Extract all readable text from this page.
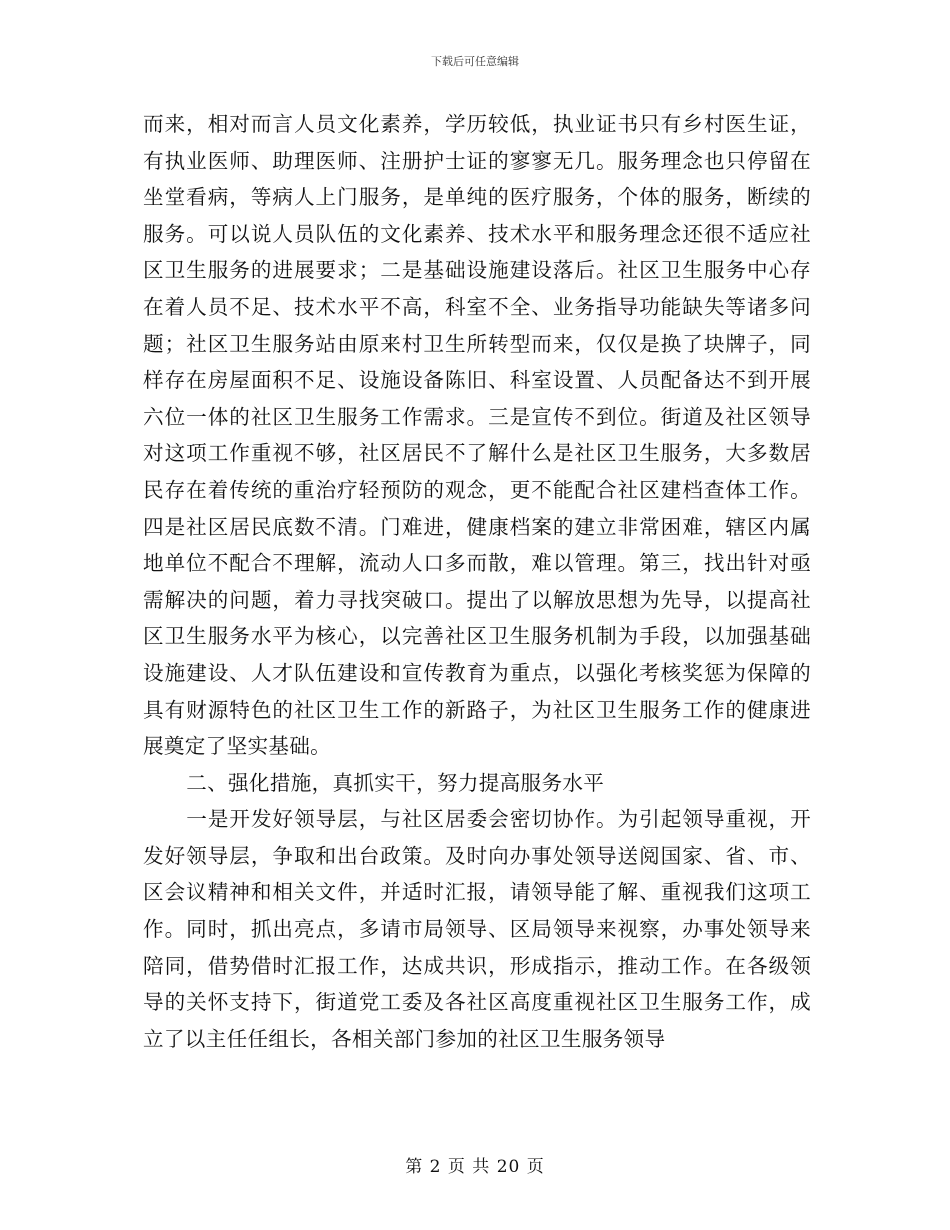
下载后可任意编辑

而来，相对而言人员文化素养，学历较低，执业证书只有乡村医生证，有执业医师、助理医师、注册护士证的寥寥无几。服务理念也只停留在坐堂看病，等病人上门服务，是单纯的医疗服务，个体的服务，断续的服务。可以说人员队伍的文化素养、技术水平和服务理念还很不适应社区卫生服务的进展要求；二是基础设施建设落后。社区卫生服务中心存在着人员不足、技术水平不高，科室不全、业务指导功能缺失等诸多问题；社区卫生服务站由原来村卫生所转型而来，仅仅是换了块牌子，同样存在房屋面积不足、设施设备陈旧、科室设置、人员配备达不到开展六位一体的社区卫生服务工作需求。三是宣传不到位。街道及社区领导对这项工作重视不够，社区居民不了解什么是社区卫生服务，大多数居民存在着传统的重治疗轻预防的观念，更不能配合社区建档查体工作。四是社区居民底数不清。门难进，健康档案的建立非常困难，辖区内属地单位不配合不理解，流动人口多而散，难以管理。第三，找出针对亟需解决的问题，着力寻找突破口。提出了以解放思想为先导，以提高社区卫生服务水平为核心，以完善社区卫生服务机制为手段，以加强基础设施建设、人才队伍建设和宣传教育为重点，以强化考核奖惩为保障的具有财源特色的社区卫生工作的新路子，为社区卫生服务工作的健康进展奠定了坚实基础。

二、强化措施，真抓实干，努力提高服务水平

一是开发好领导层，与社区居委会密切协作。为引起领导重视，开发好领导层，争取和出台政策。及时向办事处领导送阅国家、省、市、区会议精神和相关文件，并适时汇报，请领导能了解、重视我们这项工作。同时，抓出亮点，多请市局领导、区局领导来视察，办事处领导来陪同，借势借时汇报工作，达成共识，形成指示，推动工作。在各级领导的关怀支持下，街道党工委及各社区高度重视社区卫生服务工作，成立了以主任任组长，各相关部门参加的社区卫生服务领导

第 2 页 共 20 页
